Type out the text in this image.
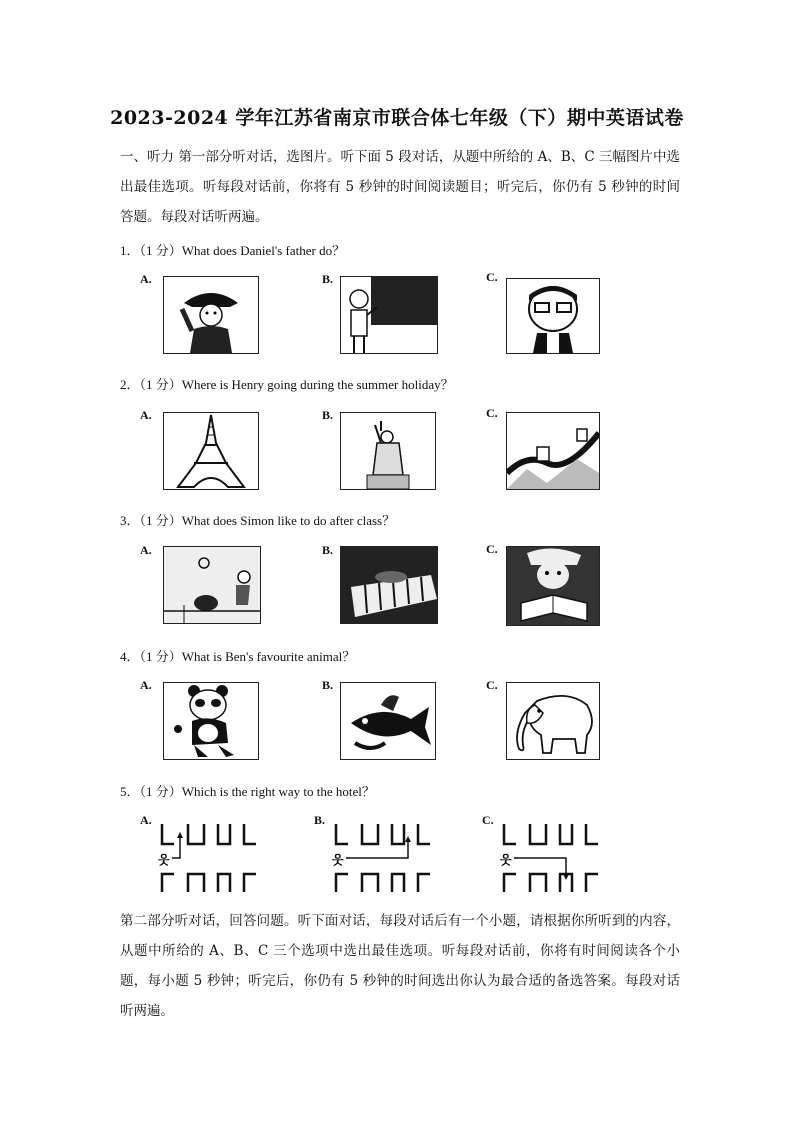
2023-2024 学年江苏省南京市联合体七年级（下）期中英语试卷

一、听力 第一部分听对话，选图片。听下面 5 段对话，从题中所给的 A、B、C 三幅图片中选出最佳选项。听每段对话前，你将有 5 秒钟的时间阅读题目；听完后，你仍有 5 秒钟的时间答题。每段对话听两遍。

1．（1 分）What does Daniel's father do？
A.	B.	C.
2．（1 分）Where is Henry going during the summer holiday？
A.	B.	C.
3．（1 分）What does Simon like to do after class？
A.	B.	C.
4．（1 分）What is Ben's favourite animal？
A.	B.	C.
5．（1 分）Which is the right way to the hotel？
A.	B.	C.
웃	웃	웃

第二部分听对话，回答问题。听下面对话，每段对话后有一个小题，请根据你所听到的内容，从题中所给的 A、B、C 三个选项中选出最佳选项。听每段对话前，你将有时间阅读各个小题，每小题 5 秒钟；听完后，你仍有 5 秒钟的时间选出你认为最合适的备选答案。每段对话听两遍。
